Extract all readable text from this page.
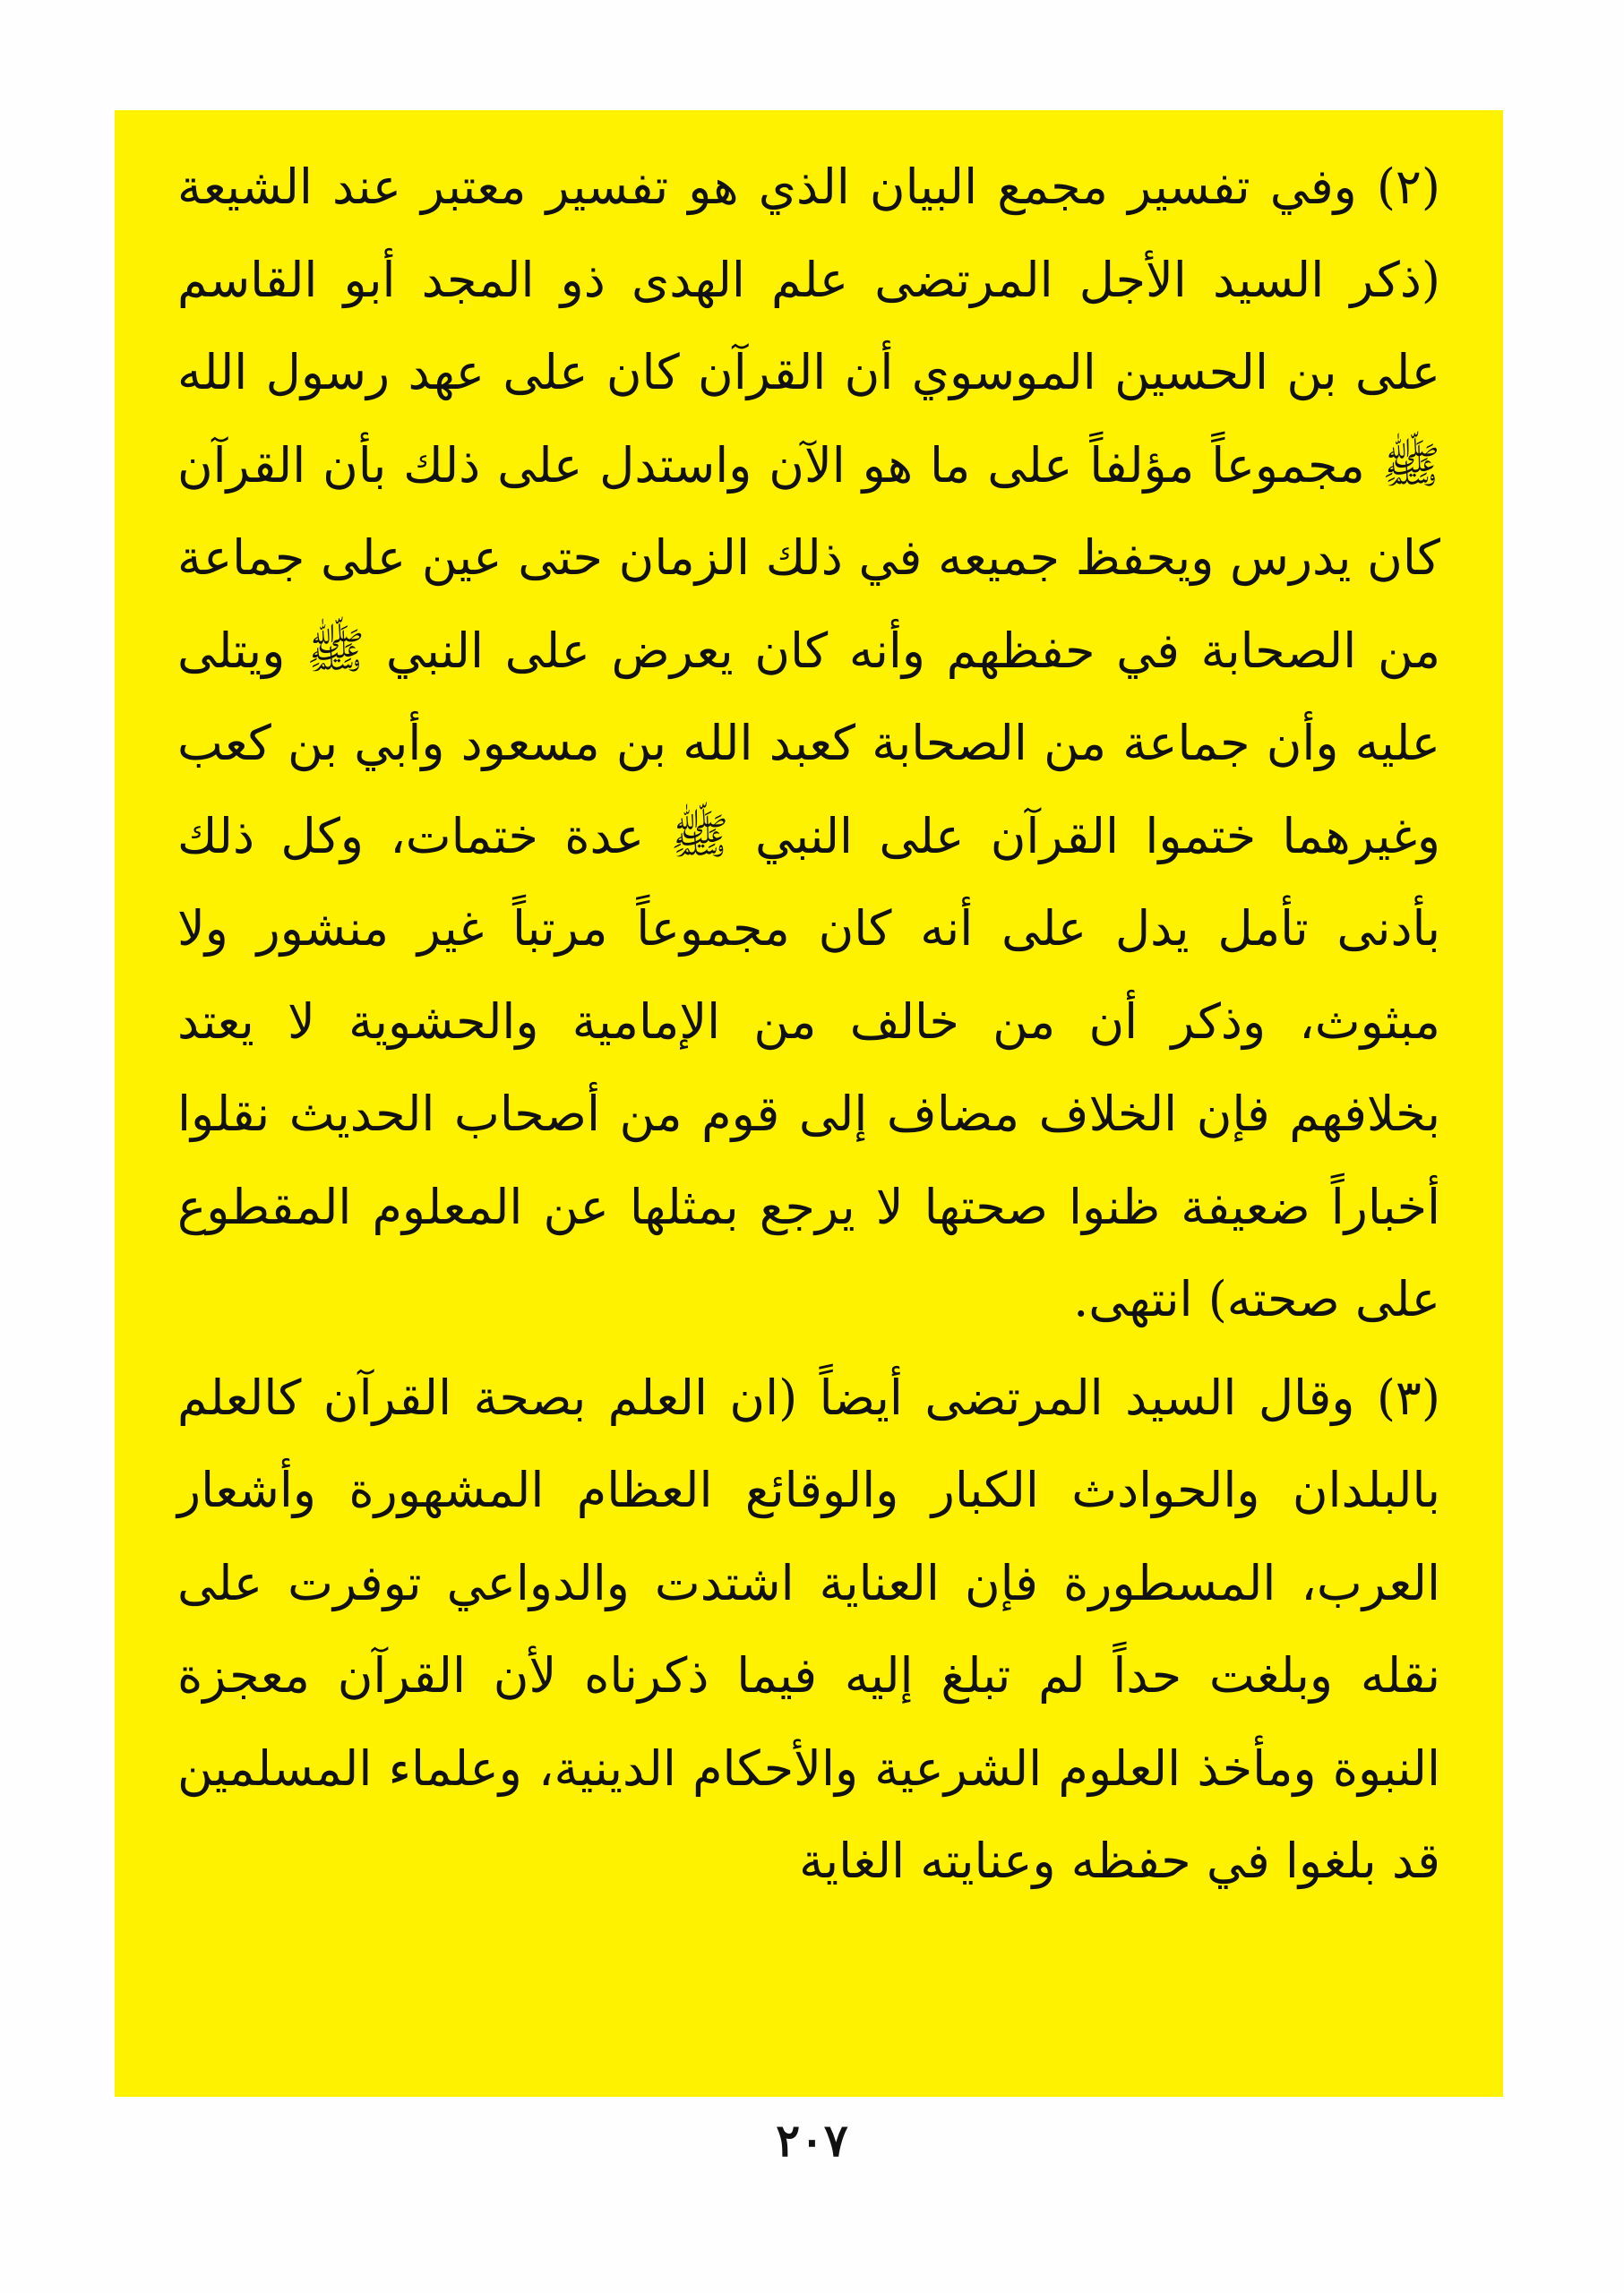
(٢) وفي تفسير مجمع البيان الذي هو تفسير معتبر عند الشيعة (ذكر السيد الأجل المرتضى علم الهدى ذو المجد أبو القاسم على بن الحسين الموسوي أن القرآن كان على عهد رسول الله ﷺ مجموعاً مؤلفاً على ما هو الآن واستدل على ذلك بأن القرآن كان يدرس ويحفظ جميعه في ذلك الزمان حتى عين على جماعة من الصحابة في حفظهم وأنه كان يعرض على النبي ﷺ ويتلى عليه وأن جماعة من الصحابة كعبد الله بن مسعود وأبي بن كعب وغيرهما ختموا القرآن على النبي ﷺ عدة ختمات، وكل ذلك بأدنى تأمل يدل على أنه كان مجموعاً مرتباً غير منشور ولا مبثوث، وذكر أن من خالف من الإمامية والحشوية لا يعتد بخلافهم فإن الخلاف مضاف إلى قوم من أصحاب الحديث نقلوا أخباراً ضعيفة ظنوا صحتها لا يرجع بمثلها عن المعلوم المقطوع على صحته) انتهى.

(٣) وقال السيد المرتضى أيضاً (ان العلم بصحة القرآن كالعلم بالبلدان والحوادث الكبار والوقائع العظام المشهورة وأشعار العرب، المسطورة فإن العناية اشتدت والدواعي توفرت على نقله وبلغت حداً لم تبلغ إليه فيما ذكرناه لأن القرآن معجزة النبوة ومأخذ العلوم الشرعية والأحكام الدينية، وعلماء المسلمين قد بلغوا في حفظه وعنايته الغاية

٢٠٧
